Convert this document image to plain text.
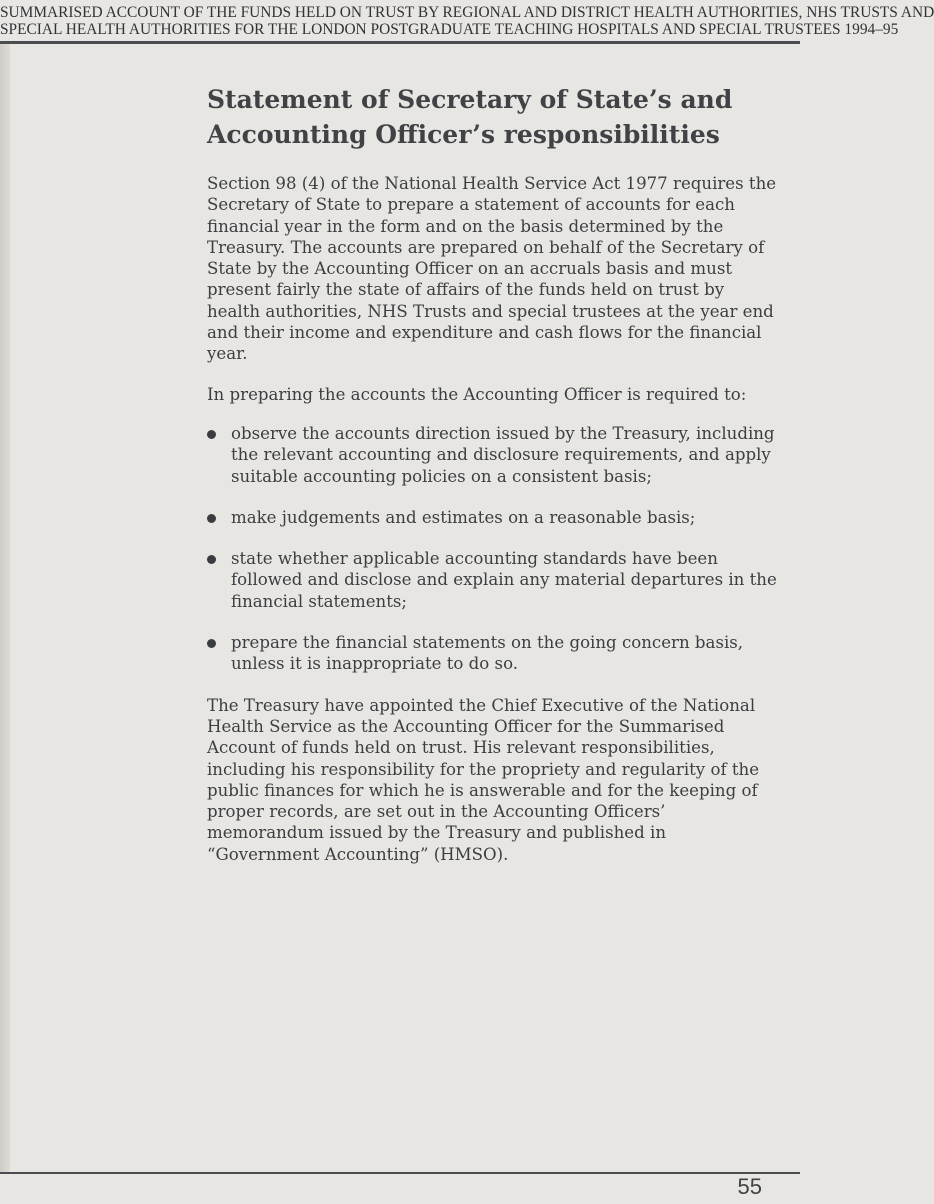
SUMMARISED ACCOUNT OF THE FUNDS HELD ON TRUST BY REGIONAL AND DISTRICT HEALTH AUTHORITIES, NHS TRUSTS AND
SPECIAL HEALTH AUTHORITIES FOR THE LONDON POSTGRADUATE TEACHING HOSPITALS AND SPECIAL TRUSTEES 1994–95
Statement of Secretary of State’s and Accounting Officer’s responsibilities

Section 98 (4) of the National Health Service Act 1977 requires the Secretary of State to prepare a statement of accounts for each financial year in the form and on the basis determined by the Treasury. The accounts are prepared on behalf of the Secretary of State by the Accounting Officer on an accruals basis and must present fairly the state of affairs of the funds held on trust by health authorities, NHS Trusts and special trustees at the year end and their income and expenditure and cash flows for the financial year.

In preparing the accounts the Accounting Officer is required to:

observe the accounts direction issued by the Treasury, including the relevant accounting and disclosure requirements, and apply suitable accounting policies on a consistent basis;
make judgements and estimates on a reasonable basis;
state whether applicable accounting standards have been followed and disclose and explain any material departures in the financial statements;
prepare the financial statements on the going concern basis, unless it is inappropriate to do so.

The Treasury have appointed the Chief Executive of the National Health Service as the Accounting Officer for the Summarised Account of funds held on trust. His relevant responsibilities, including his responsibility for the propriety and regularity of the public finances for which he is answerable and for the keeping of proper records, are set out in the Accounting Officers’ memorandum issued by the Treasury and published in “Government Accounting” (HMSO).

55
